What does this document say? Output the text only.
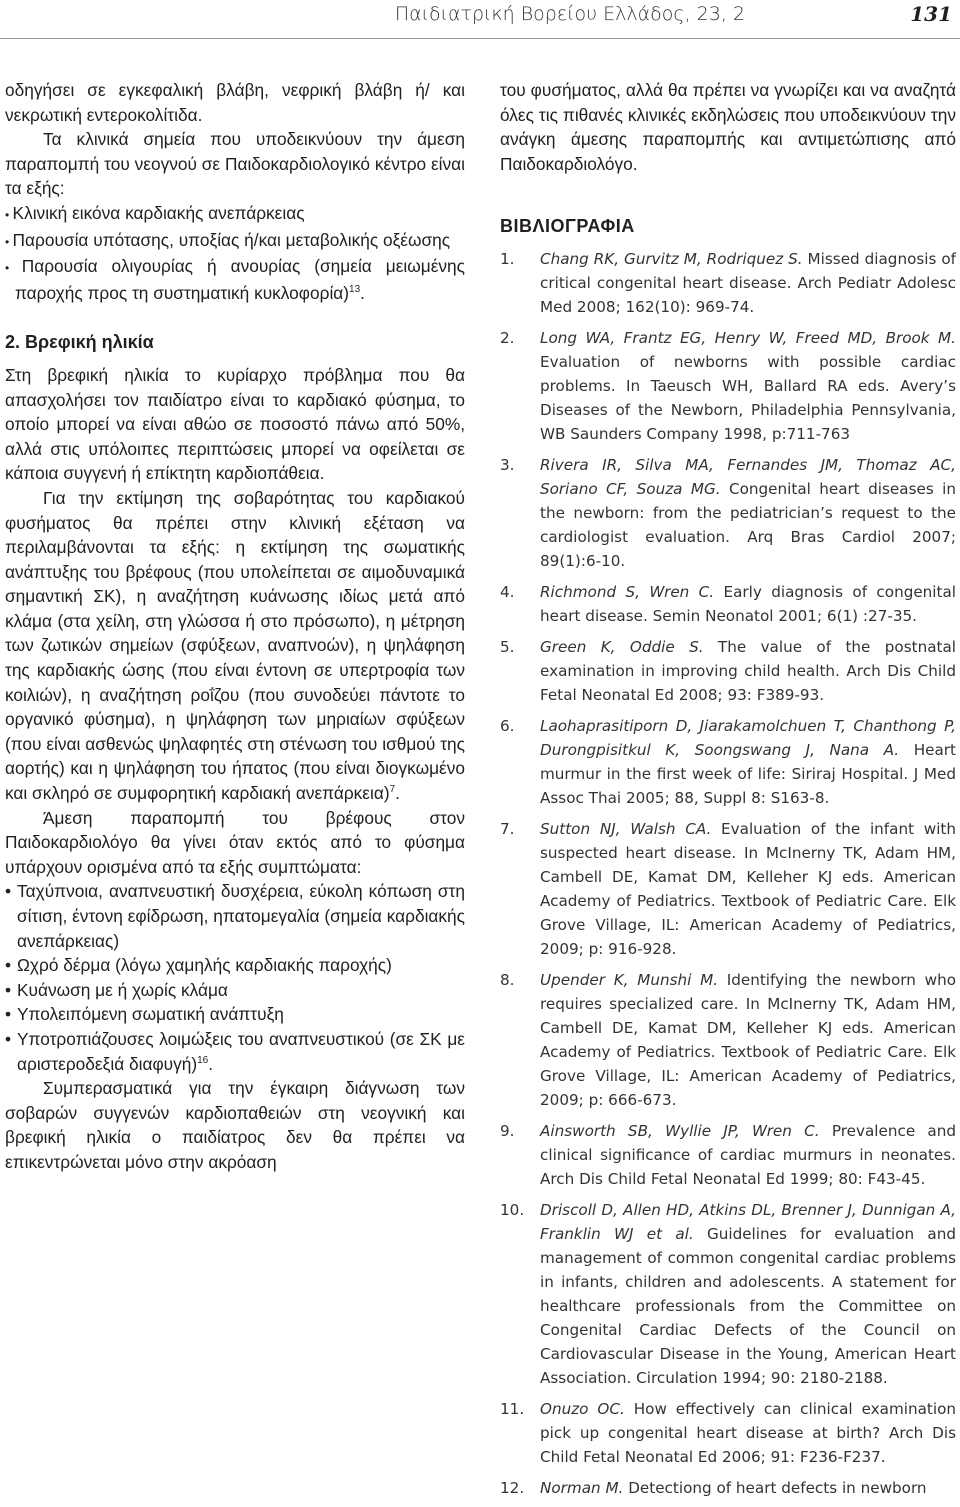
Παιδιατρική Βορείου Ελλάδος, 23, 2	131

οδηγήσει σε εγκεφαλική βλάβη, νεφρική βλάβη ή/ και νεκρωτική εντεροκολίτιδα.

Τα κλινικά σημεία που υποδεικνύουν την άμεση παραπομπή του νεογνού σε Παιδοκαρδιολογικό κέντρο είναι τα εξής:

• Κλινική εικόνα καρδιακής ανεπάρκειας
• Παρουσία υπότασης, υποξίας ή/και μεταβολικής οξέωσης
• Παρουσία ολιγουρίας ή ανουρίας (σημεία μειωμένης παροχής προς τη συστηματική κυκλοφορία)$^{13}$.
2. Βρεφική ηλικία

Στη βρεφική ηλικία το κυρίαρχο πρόβλημα που θα απασχολήσει τον παιδίατρο είναι το καρδιακό φύσημα, το οποίο μπορεί να είναι αθώο σε ποσοστό πάνω από 50%, αλλά στις υπόλοιπες περιπτώσεις μπορεί να οφείλεται σε κάποια συγγενή ή επίκτητη καρδιοπάθεια.

Για την εκτίμηση της σοβαρότητας του καρδιακού φυσήματος θα πρέπει στην κλινική εξέταση να περιλαμβάνονται τα εξής: η εκτίμηση της σωματικής ανάπτυξης του βρέφους (που υπολείπεται σε αιμοδυναμικά σημαντική ΣΚ), η αναζήτηση κυάνωσης ιδίως μετά από κλάμα (στα χείλη, στη γλώσσα ή στο πρόσωπο), η μέτρηση των ζωτικών σημείων (σφύξεων, αναπνοών), η ψηλάφηση της καρδιακής ώσης (που είναι έντονη σε υπερτροφία των κοιλιών), η αναζήτηση ροΐζου (που συνοδεύει πάντοτε το οργανικό φύσημα), η ψηλάφηση των μηριαίων σφύξεων (που είναι ασθενώς ψηλαφητές στη στένωση του ισθμού της αορτής) και η ψηλάφηση του ήπατος (που είναι διογκωμένο και σκληρό σε συμφορητική καρδιακή ανεπάρκεια)$^7$.

Άμεση παραπομπή του βρέφους στον Παιδοκαρδιολόγο θα γίνει όταν εκτός από το φύσημα υπάρχουν ορισμένα από τα εξής συμπτώματα:

• Ταχύπνοια, αναπνευστική δυσχέρεια, εύκολη κόπωση στη σίτιση, έντονη εφίδρωση, ηπατομεγαλία (σημεία καρδιακής ανεπάρκειας)
• Ωχρό δέρμα (λόγω χαμηλής καρδιακής παροχής)
• Κυάνωση με ή χωρίς κλάμα
• Υπολειπόμενη σωματική ανάπτυξη
• Υποτροπιάζουσες λοιμώξεις του αναπνευστικού (σε ΣΚ με αριστεροδεξιά διαφυγή)$^{16}$.

Συμπερασματικά για την έγκαιρη διάγνωση των σοβαρών συγγενών καρδιοπαθειών στη νεογνική και βρεφική ηλικία ο παιδίατρος δεν θα πρέπει να επικεντρώνεται μόνο στην ακρόαση

του φυσήματος, αλλά θα πρέπει να γνωρίζει και να αναζητά όλες τις πιθανές κλινικές εκδηλώσεις που υποδεικνύουν την ανάγκη άμεσης παραπομπής και αντιμετώπισης από Παιδοκαρδιολόγο.

ΒΙΒΛΙΟΓΡΑΦΙΑ
1. Chang RK, Gurvitz M, Rodriquez S. Missed diagnosis of critical congenital heart disease. Arch Pediatr Adolesc Med 2008; 162(10): 969-74.
2. Long WA, Frantz EG, Henry W, Freed MD, Brook M. Evaluation of newborns with possible cardiac problems. In Taeusch WH, Ballard RA eds. Avery’s Diseases of the Newborn, Philadelphia Pennsylvania, WB Saunders Company 1998, p:711-763
3. Rivera IR, Silva MA, Fernandes JM, Thomaz AC, Soriano CF, Souza MG. Congenital heart diseases in the newborn: from the pediatrician’s request to the cardiologist evaluation. Arq Bras Cardiol 2007; 89(1):6-10.
4. Richmond S, Wren C. Early diagnosis of congenital heart disease. Semin Neonatol 2001; 6(1) :27-35.
5. Green K, Oddie S. The value of the postnatal examination in improving child health. Arch Dis Child Fetal Neonatal Ed 2008; 93: F389-93.
6. Laohaprasitiporn D, Jiarakamolchuen T, Chanthong P, Durongpisitkul K, Soongswang J, Nana A. Heart murmur in the first week of life: Siriraj Hospital. J Med Assoc Thai 2005; 88, Suppl 8: S163-8.
7. Sutton NJ, Walsh CA. Evaluation of the infant with suspected heart disease. In McInerny TK, Adam HM, Cambell DE, Kamat DM, Kelleher KJ eds. American Academy of Pediatrics. Textbook of Pediatric Care. Elk Grove Village, IL: American Academy of Pediatrics, 2009; p: 916-928.
8. Upender K, Munshi M. Identifying the newborn who requires specialized care. In McInerny TK, Adam HM, Cambell DE, Kamat DM, Kelleher KJ eds. American Academy of Pediatrics. Textbook of Pediatric Care. Elk Grove Village, IL: American Academy of Pediatrics, 2009; p: 666-673.
9. Ainsworth SB, Wyllie JP, Wren C. Prevalence and clinical significance of cardiac murmurs in neonates. Arch Dis Child Fetal Neonatal Ed 1999; 80: F43-45.
10. Driscoll D, Allen HD, Atkins DL, Brenner J, Dunnigan A, Franklin WJ et al. Guidelines for evaluation and management of common congenital cardiac problems in infants, children and adolescents. A statement for healthcare professionals from the Committee on Congenital Cardiac Defects of the Council on Cardiovascular Disease in the Young, American Heart Association. Circulation 1994; 90: 2180-2188.
11. Onuzo OC. How effectively can clinical examination pick up congenital heart disease at birth? Arch Dis Child Fetal Neonatal Ed 2006; 91: F236-F237.
12. Norman M. Detectiong of heart defects in newborn
